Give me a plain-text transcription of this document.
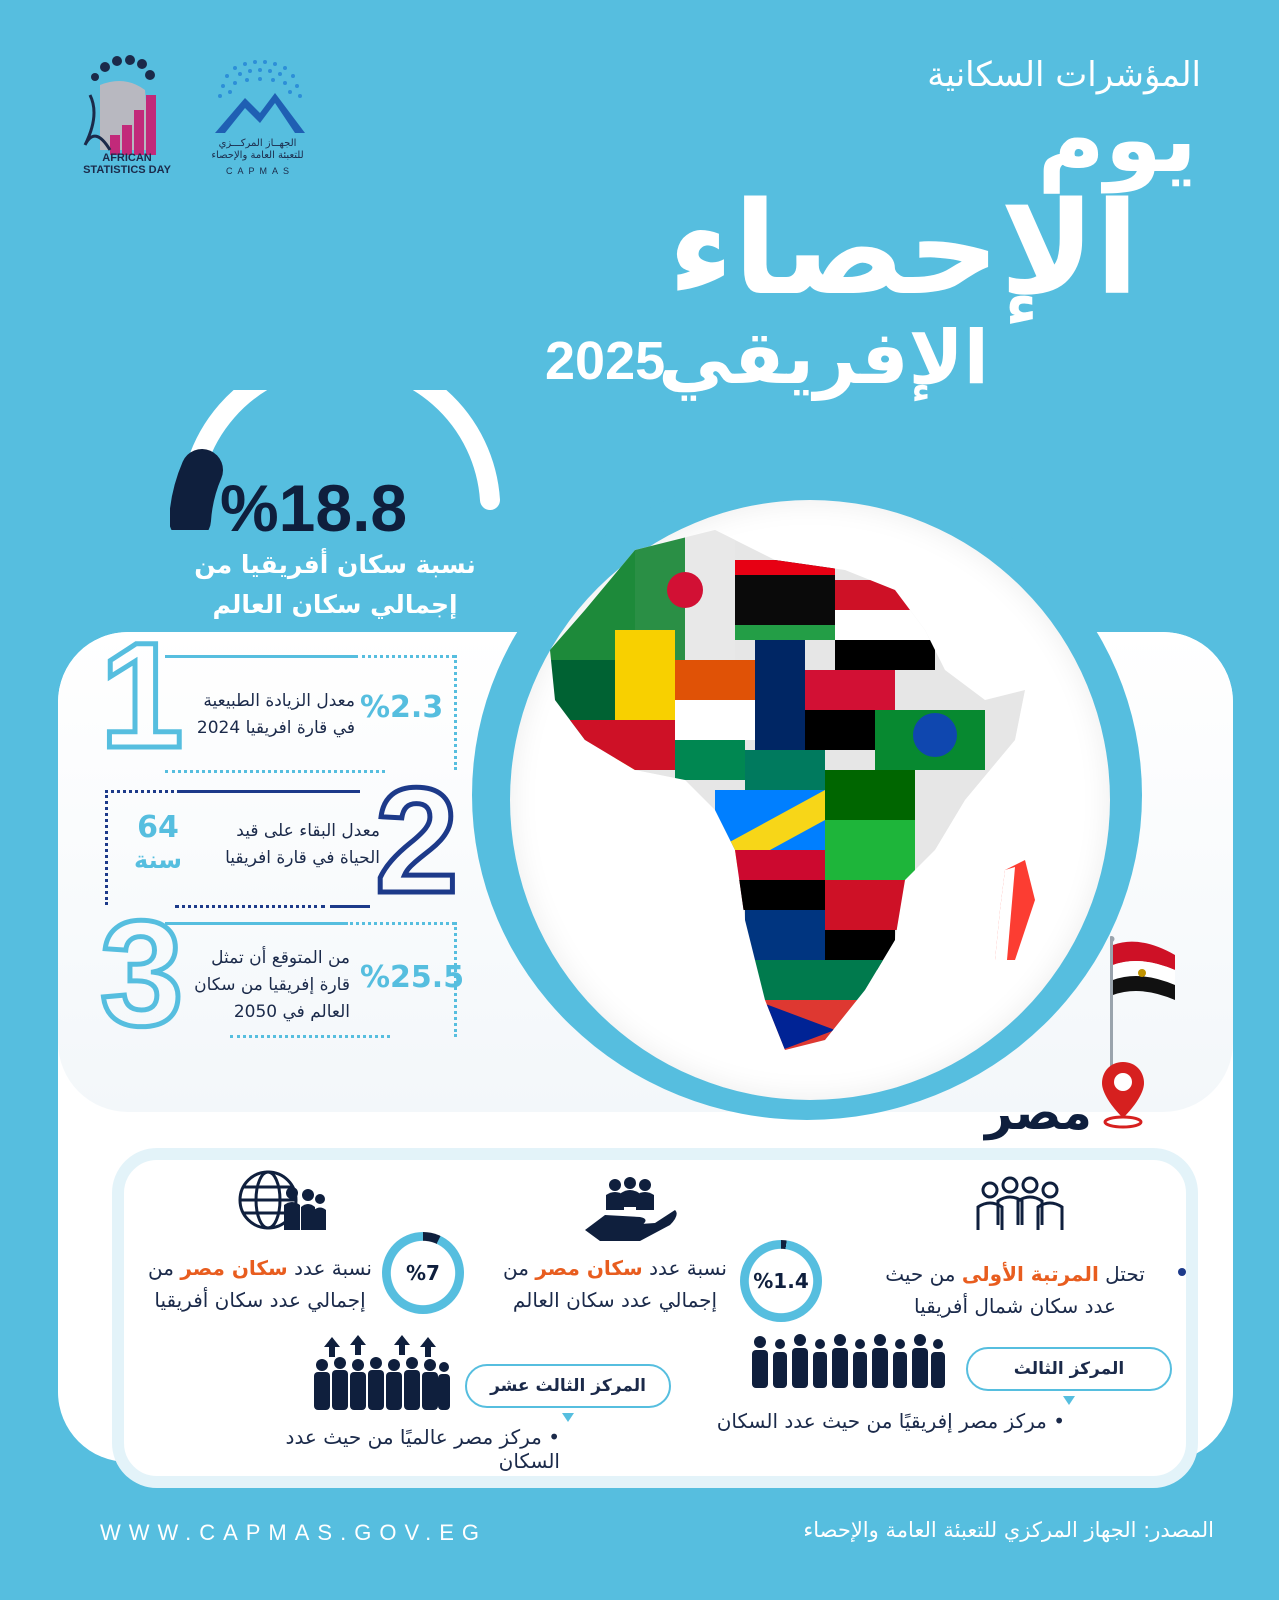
AFRICAN
STATISTICS DAY
الجهــاز المركـــزي
للتعبئة العامة والإحصاء
CAPMAS
المؤشرات السكانية
يوم
الإحصاء
الإفريقي
2025
%18.8
نسبة سكان أفريقيا من
إجمالي سكان العالم
مصر
1	معدل الزيادة الطبيعية
في قارة افريقيا 2024
%2.3
2
معدل البقاء على قيد
الحياة في قارة افريقيا
64
سنة
3	من المتوقع أن تمثل
قارة إفريقيا من سكان
العالم في 2050
%25.5
%1.4
%7	تحتل المرتبة الأولى من حيث
عدد سكان شمال أفريقيا
نسبة عدد سكان مصر من
إجمالي عدد سكان العالم
نسبة عدد سكان مصر من
إجمالي عدد سكان أفريقيا
المركز الثالث
• مركز مصر إفريقيًا من حيث عدد السكان
المركز الثالث عشر
• مركز مصر عالميًا من حيث عدد السكان
WWW.CAPMAS.GOV.EG	المصدر: الجهاز المركزي للتعبئة العامة والإحصاء
